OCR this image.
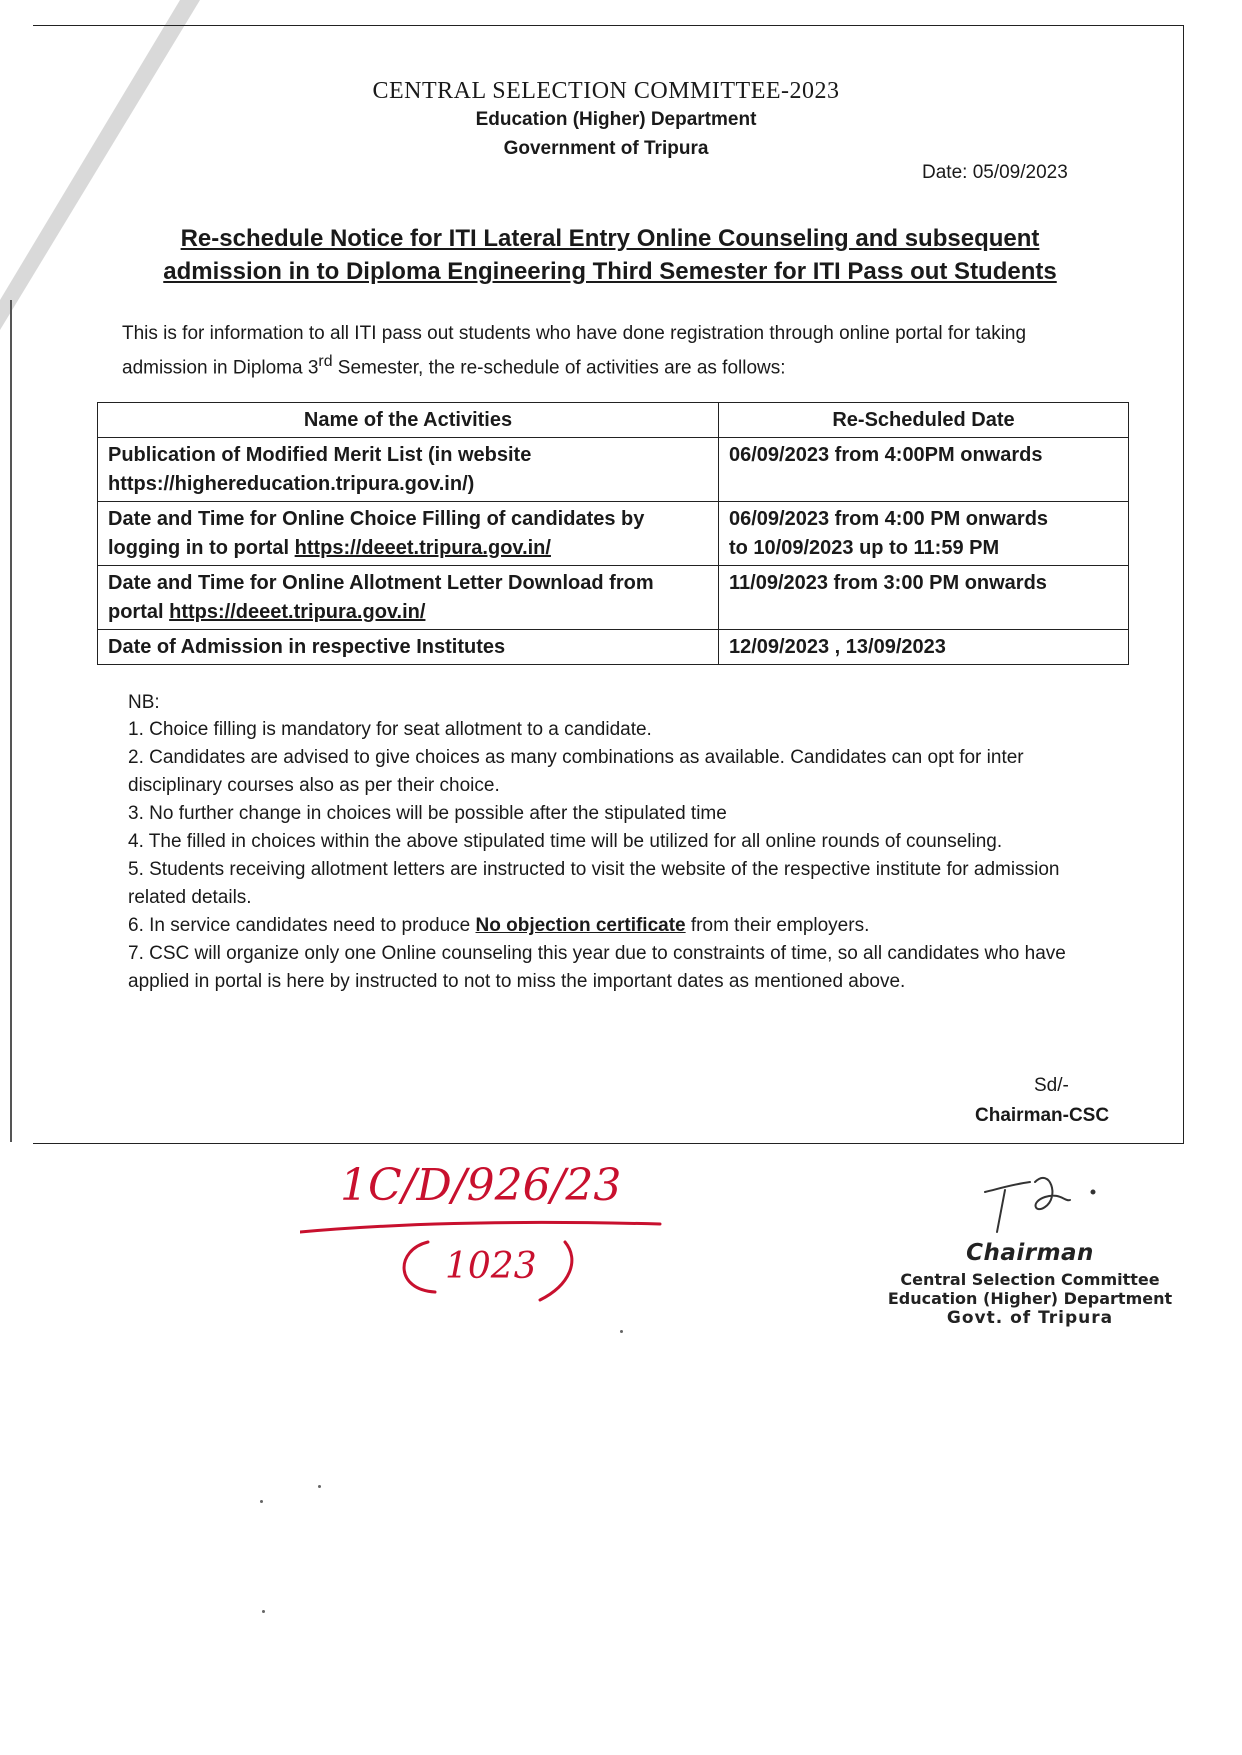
CENTRAL SELECTION COMMITTEE-2023
Education (Higher) Department
Government of Tripura
Date: 05/09/2023
Re-schedule Notice for ITI Lateral Entry Online Counseling and subsequent admission in to Diploma Engineering Third Semester for ITI Pass out Students
This is for information to all ITI pass out students who have done registration through online portal for taking admission in Diploma 3rd Semester, the re-schedule of activities are as follows:
Name of the Activities	Re-Scheduled Date
Publication of Modified Merit List (in website
https://highereducation.tripura.gov.in/)	06/09/2023 from 4:00PM onwards
Date and Time for Online Choice Filling of candidates by logging in to portal https://deeet.tripura.gov.in/	06/09/2023 from 4:00 PM onwards
to 10/09/2023 up to 11:59 PM
Date and Time for Online Allotment Letter Download from portal https://deeet.tripura.gov.in/	11/09/2023 from 3:00 PM onwards
Date of Admission in respective Institutes	12/09/2023 , 13/09/2023
NB:

1. Choice filling is mandatory for seat allotment to a candidate.

2. Candidates are advised to give choices as many combinations as available. Candidates can opt for inter disciplinary courses also as per their choice.

3. No further change in choices will be possible after the stipulated time

4. The filled in choices within the above stipulated time will be utilized for all online rounds of counseling.

5. Students receiving allotment letters are instructed to visit the website of the respective institute for admission related details.

6. In service candidates need to produce No objection certificate from their employers.

7. CSC will organize only one Online counseling this year due to constraints of time, so all candidates who have applied in portal is here by instructed to not to miss the important dates as mentioned above.

Sd/-
Chairman-CSC
1C/D/926/23
1023	Chairman
Central Selection Committee
Education (Higher) Department
Govt. of Tripura
